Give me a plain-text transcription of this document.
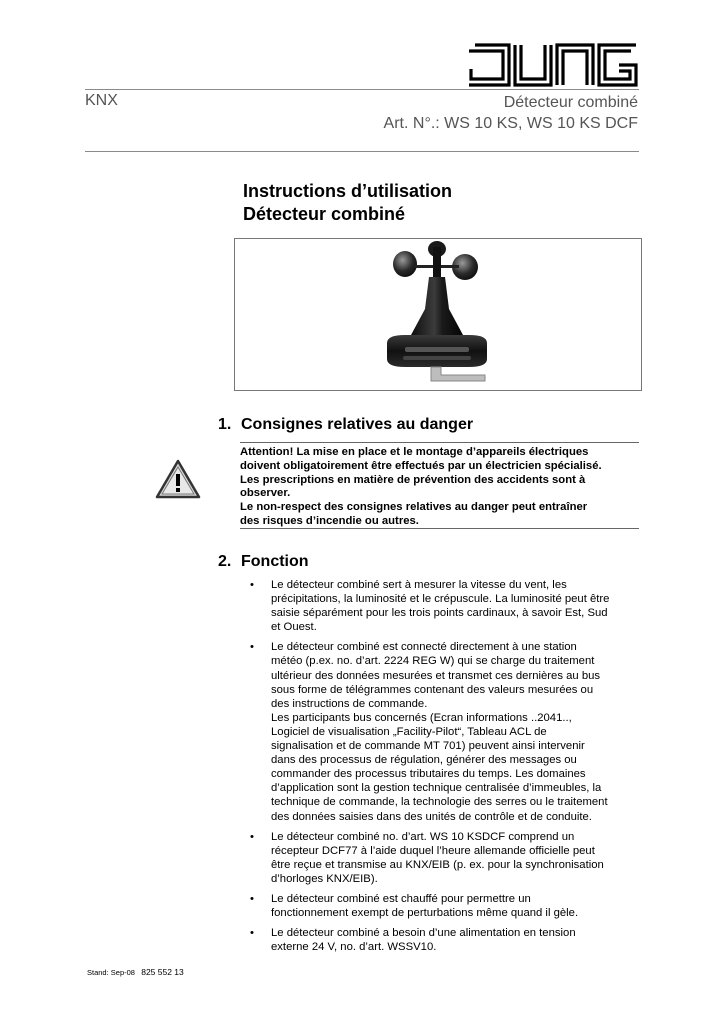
KNX	Détecteur combiné
Art. N°.: WS 10 KS, WS 10 KS DCF
Instructions d’utilisation
Détecteur combiné
1. Consignes relatives au danger
Attention! La mise en place et le montage d’appareils électriques
doivent obligatoirement être effectués par un électricien spécialisé.
Les prescriptions en matière de prévention des accidents sont à
observer.
Le non-respect des consignes relatives au danger peut entraîner
des risques d’incendie ou autres.
2. Fonction
• Le détecteur combiné sert à mesurer la vitesse du vent, les
précipitations, la luminosité et le crépuscule. La luminosité peut être
saisie séparément pour les trois points cardinaux, à savoir Est, Sud
et Ouest.
• Le détecteur combiné est connecté directement à une station
météo (p.ex. no. d’art. 2224 REG W) qui se charge du traitement
ultérieur des données mesurées et transmet ces dernières au bus
sous forme de télégrammes contenant des valeurs mesurées ou
des instructions de commande.
Les participants bus concernés (Ecran informations ..2041..,
Logiciel de visualisation „Facility-Pilot“, Tableau ACL de
signalisation et de commande MT 701) peuvent ainsi intervenir
dans des processus de régulation, générer des messages ou
commander des processus tributaires du temps. Les domaines
d’application sont la gestion technique centralisée d’immeubles, la
technique de commande, la technologie des serres ou le traitement
des données saisies dans des unités de contrôle et de conduite.
• Le détecteur combiné no. d’art. WS 10 KSDCF comprend un
récepteur DCF77 à l’aide duquel l’heure allemande officielle peut
être reçue et transmise au KNX/EIB (p. ex. pour la synchronisation
d’horloges KNX/EIB).
• Le détecteur combiné est chauffé pour permettre un
fonctionnement exempt de perturbations même quand il gèle.
• Le détecteur combiné a besoin d’une alimentation en tension
externe 24 V, no. d’art. WSSV10.
Stand: Sep-08 825 552 13
